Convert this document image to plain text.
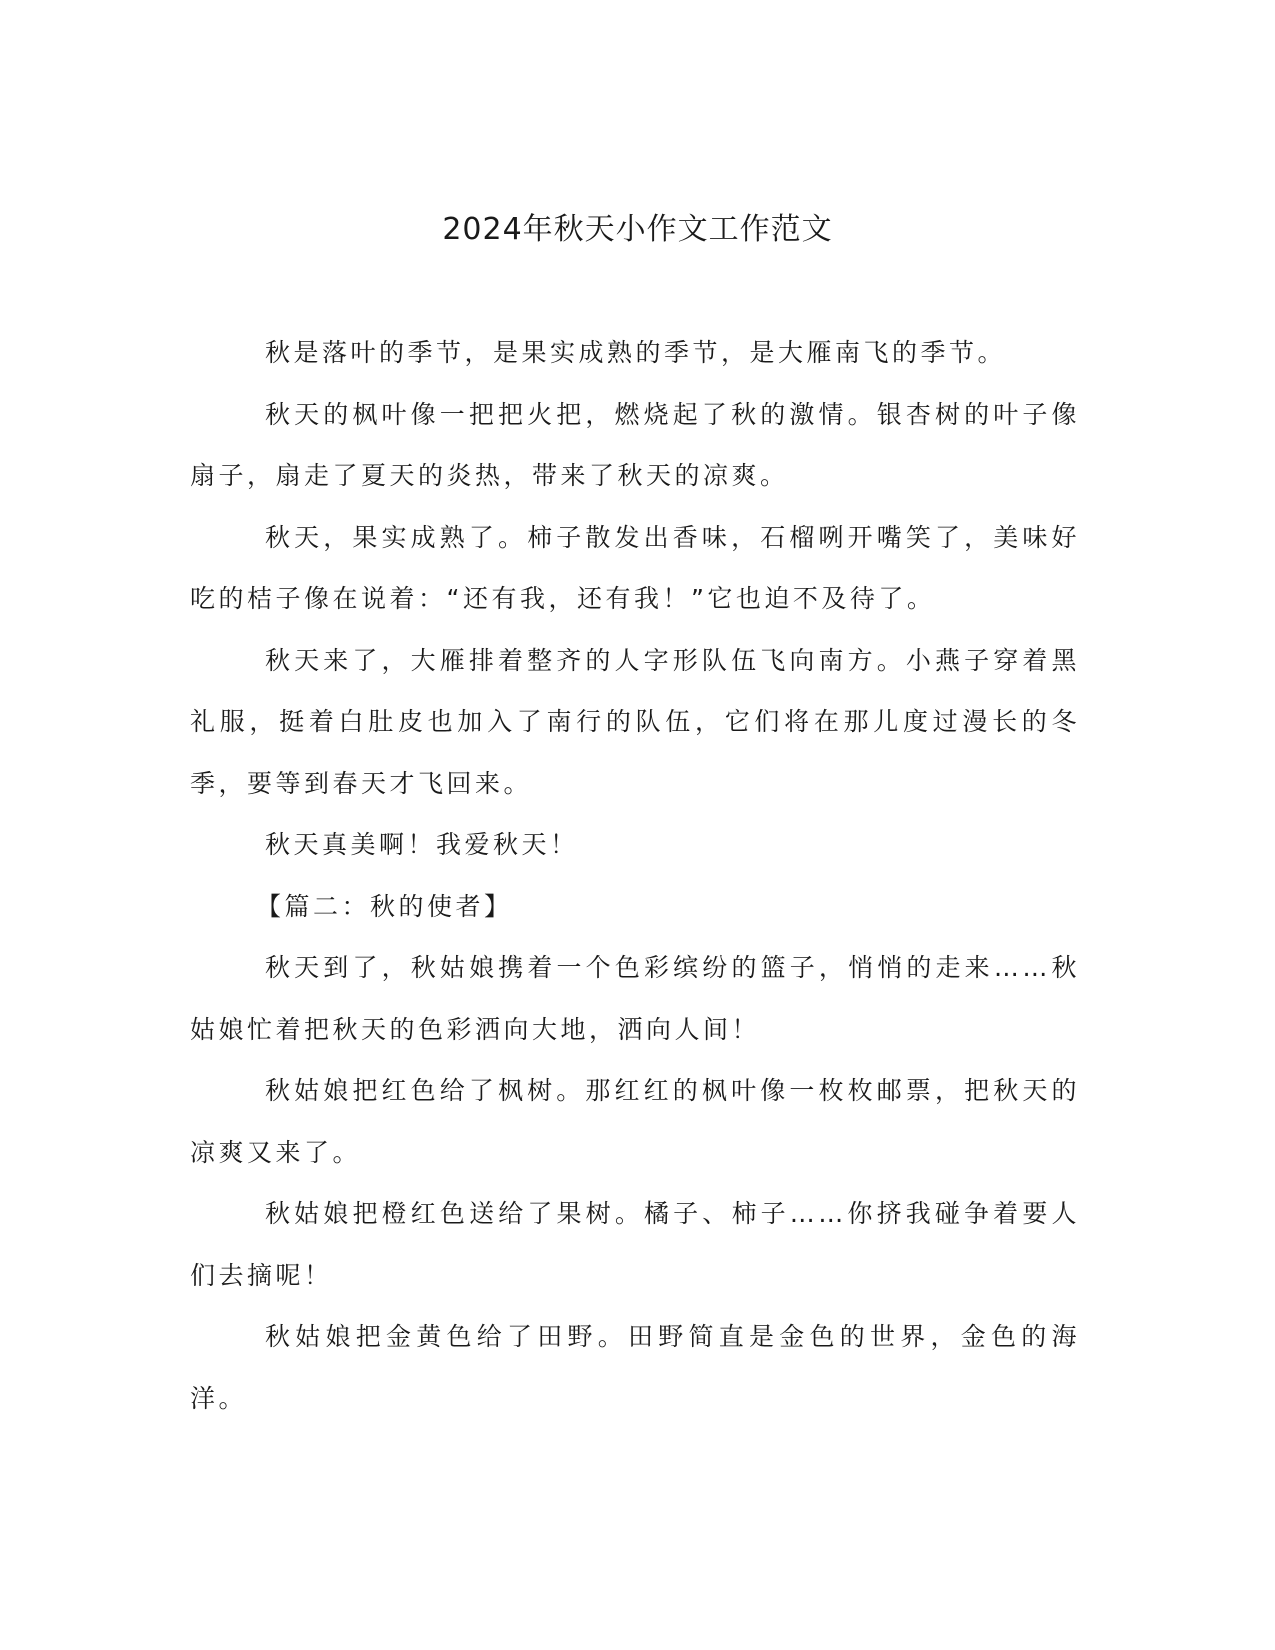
2024年秋天小作文工作范文

秋是落叶的季节，是果实成熟的季节，是大雁南飞的季节。

秋天的枫叶像一把把火把，燃烧起了秋的激情。银杏树的叶子像扇子，扇走了夏天的炎热，带来了秋天的凉爽。

秋天，果实成熟了。柿子散发出香味，石榴咧开嘴笑了，美味好吃的桔子像在说着：“还有我，还有我！”它也迫不及待了。

秋天来了，大雁排着整齐的人字形队伍飞向南方。小燕子穿着黑礼服，挺着白肚皮也加入了南行的队伍，它们将在那儿度过漫长的冬季，要等到春天才飞回来。

秋天真美啊！我爱秋天！

【篇二：秋的使者】

秋天到了，秋姑娘携着一个色彩缤纷的篮子，悄悄的走来……秋姑娘忙着把秋天的色彩洒向大地，洒向人间！

秋姑娘把红色给了枫树。那红红的枫叶像一枚枚邮票，把秋天的凉爽又来了。

秋姑娘把橙红色送给了果树。橘子、柿子……你挤我碰争着要人们去摘呢！

秋姑娘把金黄色给了田野。田野简直是金色的世界，金色的海洋。
